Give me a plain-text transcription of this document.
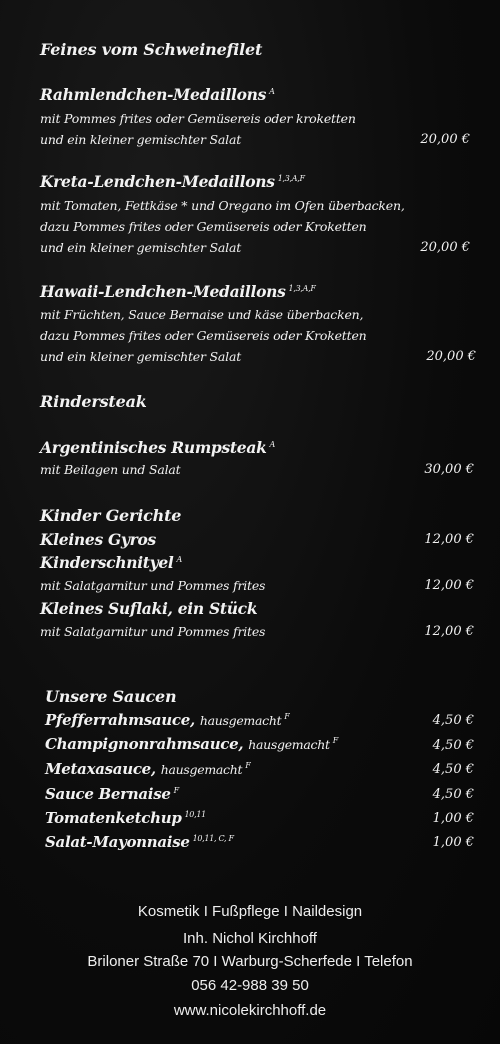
Feines vom Schweinefilet
Rahmlendchen-Medaillons $^A$
mit Pommes frites oder Gemüsereis oder kroketten
und ein kleiner gemischter Salat	20,00 €
Kreta-Lendchen-Medaillons $^{1,3,A,F}$
mit Tomaten, Fettkäse * und Oregano im Ofen überbacken,
dazu Pommes frites oder Gemüsereis oder Kroketten
und ein kleiner gemischter Salat	20,00 €
Hawaii-Lendchen-Medaillons $^{1,3,A,F}$
mit Früchten, Sauce Bernaise und käse überbacken,
dazu Pommes frites oder Gemüsereis oder Kroketten
und ein kleiner gemischter Salat	20,00 €
Rindersteak
Argentinisches Rumpsteak $^A$
mit Beilagen und Salat	30,00 €
Kinder Gerichte
Kleines Gyros	12,00 €
Kinderschnityel $^A$
mit Salatgarnitur und Pommes frites	12,00 €
Kleines Suflaki, ein Stück
mit Salatgarnitur und Pommes frites	12,00 €
Unsere Saucen
Pfefferrahmsauce, hausgemacht $^F$	4,50 €
Champignonrahmsauce, hausgemacht $^F$	4,50 €
Metaxasauce, hausgemacht $^F$	4,50 €
Sauce Bernaise $^F$	4,50 €
Tomatenketchup $^{10,11}$	1,00 €
Salat-Mayonnaise $^{10,11, C, F}$	1,00 €
Kosmetik I Fußpflege I Naildesign
Inh. Nichol Kirchhoff
Briloner Straße 70 I Warburg-Scherfede I Telefon
056 42-988 39 50
www.nicolekirchhoff.de
